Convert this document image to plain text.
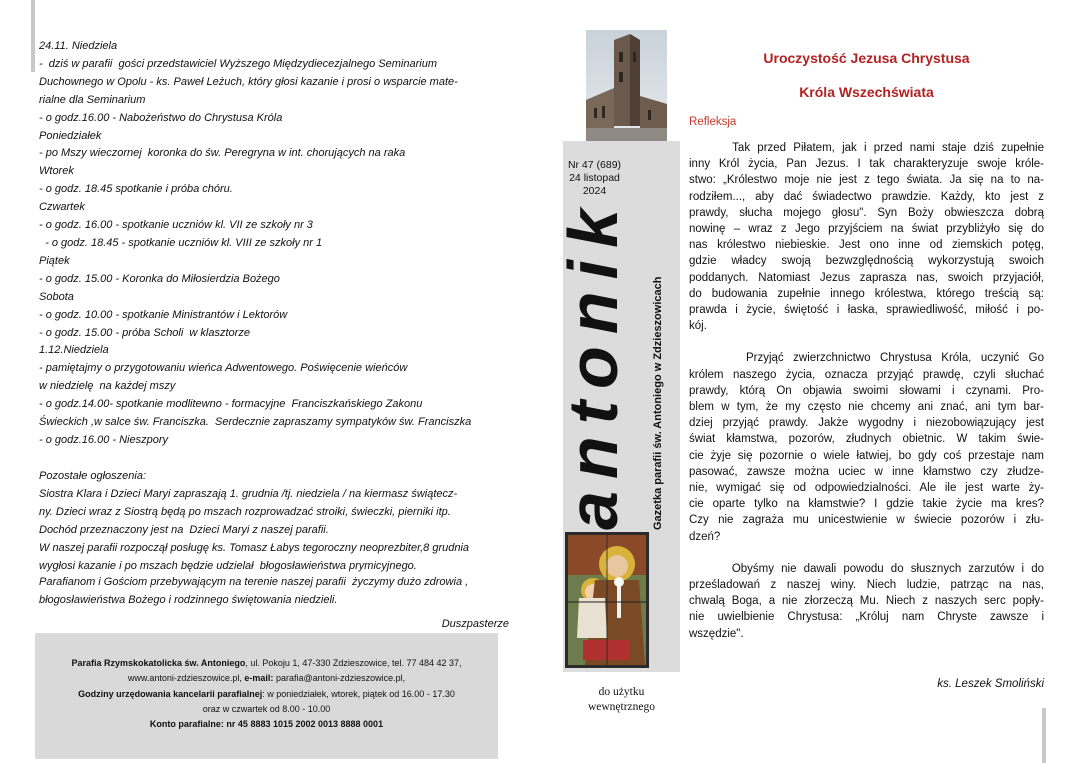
24.11. Niedziela
-  dziś w parafii  gości przedstawiciel Wyższego Międzydiecezjalnego Seminarium
Duchownego w Opolu - ks. Paweł Leżuch, który głosi kazanie i prosi o wsparcie mate-
rialne dla Seminarium
- o godz.16.00 - Nabożeństwo do Chrystusa Króla
Poniedziałek
- po Mszy wieczornej  koronka do św. Peregryna w int. chorujących na raka
Wtorek
- o godz. 18.45 spotkanie i próba chóru.
Czwartek
- o godz. 16.00 - spotkanie uczniów kl. VII ze szkoły nr 3
- o godz. 18.45 - spotkanie uczniów kl. VIII ze szkoły nr 1
Piątek
- o godz. 15.00 - Koronka do Miłosierdzia Bożego
Sobota
- o godz. 10.00 - spotkanie Ministrantów i Lektorów
- o godz. 15.00 - próba Scholi  w klasztorze
1.12.Niedziela
- pamiętajmy o przygotowaniu wieńca Adwentowego. Poświęcenie wieńców
w niedzielę  na każdej mszy
- o godz.14.00- spotkanie modlitewno - formacyjne  Franciszkańskiego Zakonu
Świeckich ,w salce św. Franciszka.  Serdecznie zapraszamy sympatyków św. Franciszka
- o godz.16.00 - Nieszpory
Pozostałe ogłoszenia:
Siostra Klara i Dzieci Maryi zapraszają 1. grudnia /tj. niedziela / na kiermasz świątecz-
ny. Dzieci wraz z Siostrą będą po mszach rozprowadzać stroiki, świeczki, pierniki itp.
Dochód przeznaczony jest na  Dzieci Maryi z naszej parafii.
W naszej parafii rozpoczął posługę ks. Tomasz Łabys tegoroczny neoprezbiter,8 grudnia
wygłosi kazanie i po mszach będzie udzielał  błogosławieństwa prymicyjnego.
Parafianom i Gościom przebywającym na terenie naszej parafii  życzymy dużo zdrowia ,
błogosławieństwa Bożego i rodzinnego świętowania niedzieli.
Duszpasterze
Parafia Rzymskokatolicka św. Antoniego, ul. Pokoju 1, 47-330 Zdzieszowice, tel. 77 484 42 37,
www.antoni-zdzieszowice.pl, e-mail: parafia@antoni-zdzieszowice.pl,
Godziny urzędowania kancelarii parafialnej: w poniedziałek, wtorek, piątek od 16.00 - 17.30
oraz w czwartek od 8.00 - 10.00
Konto parafialne: nr 45 8883 1015 2002 0013 8888 0001
Nr 47 (689)
24 listopad
2024
antonik Gazetka parafii św. Antoniego w Zdzieszowicach
do użytku
wewnętrznego
Uroczystość Jezusa Chrystusa
Króla Wszechświata
Refleksja
Tak przed Piłatem, jak i przed nami staje dziś zupełnie
inny Król życia, Pan Jezus. I tak charakteryzuje swoje króle-
stwo: „Królestwo moje nie jest z tego świata. Ja się na to na-
rodziłem..., aby dać świadectwo prawdzie. Każdy, kto jest z
prawdy, słucha mojego głosu". Syn Boży obwieszcza dobrą
nowinę – wraz z Jego przyjściem na świat przybliżyło się do
nas królestwo niebieskie. Jest ono inne od ziemskich potęg,
gdzie władcy swoją bezwzględnością wykorzystują swoich
poddanych. Natomiast Jezus zaprasza nas, swoich przyjaciół,
do budowania zupełnie innego królestwa, którego treścią są:
prawda i życie, świętość i łaska, sprawiedliwość, miłość i po-
kój.
Przyjąć zwierzchnictwo Chrystusa Króla, uczynić Go
królem naszego życia, oznacza przyjąć prawdę, czyli słuchać
prawdy, którą On objawia swoimi słowami i czynami. Pro-
blem w tym, że my często nie chcemy ani znać, ani tym bar-
dziej przyjąć prawdy. Jakże wygodny i niezobowiązujący jest
świat kłamstwa, pozorów, złudnych obietnic. W takim świe-
cie żyje się pozornie o wiele łatwiej, bo gdy coś przestaje nam
pasować, zawsze można uciec w inne kłamstwo czy złudze-
nie, wymigać się od odpowiedzialności. Ale ile jest warte ży-
cie oparte tylko na kłamstwie? I gdzie takie życie ma kres?
Czy nie zagraża mu unicestwienie w świecie pozorów i złu-
dzeń?
Obyśmy nie dawali powodu do słusznych zarzutów i do
prześladowań z naszej winy. Niech ludzie, patrząc na nas,
chwalą Boga, a nie złorzeczą Mu. Niech z naszych serc popły-
nie uwielbienie Chrystusa: „Króluj nam Chryste zawsze i
wszędzie".
ks. Leszek Smoliński
